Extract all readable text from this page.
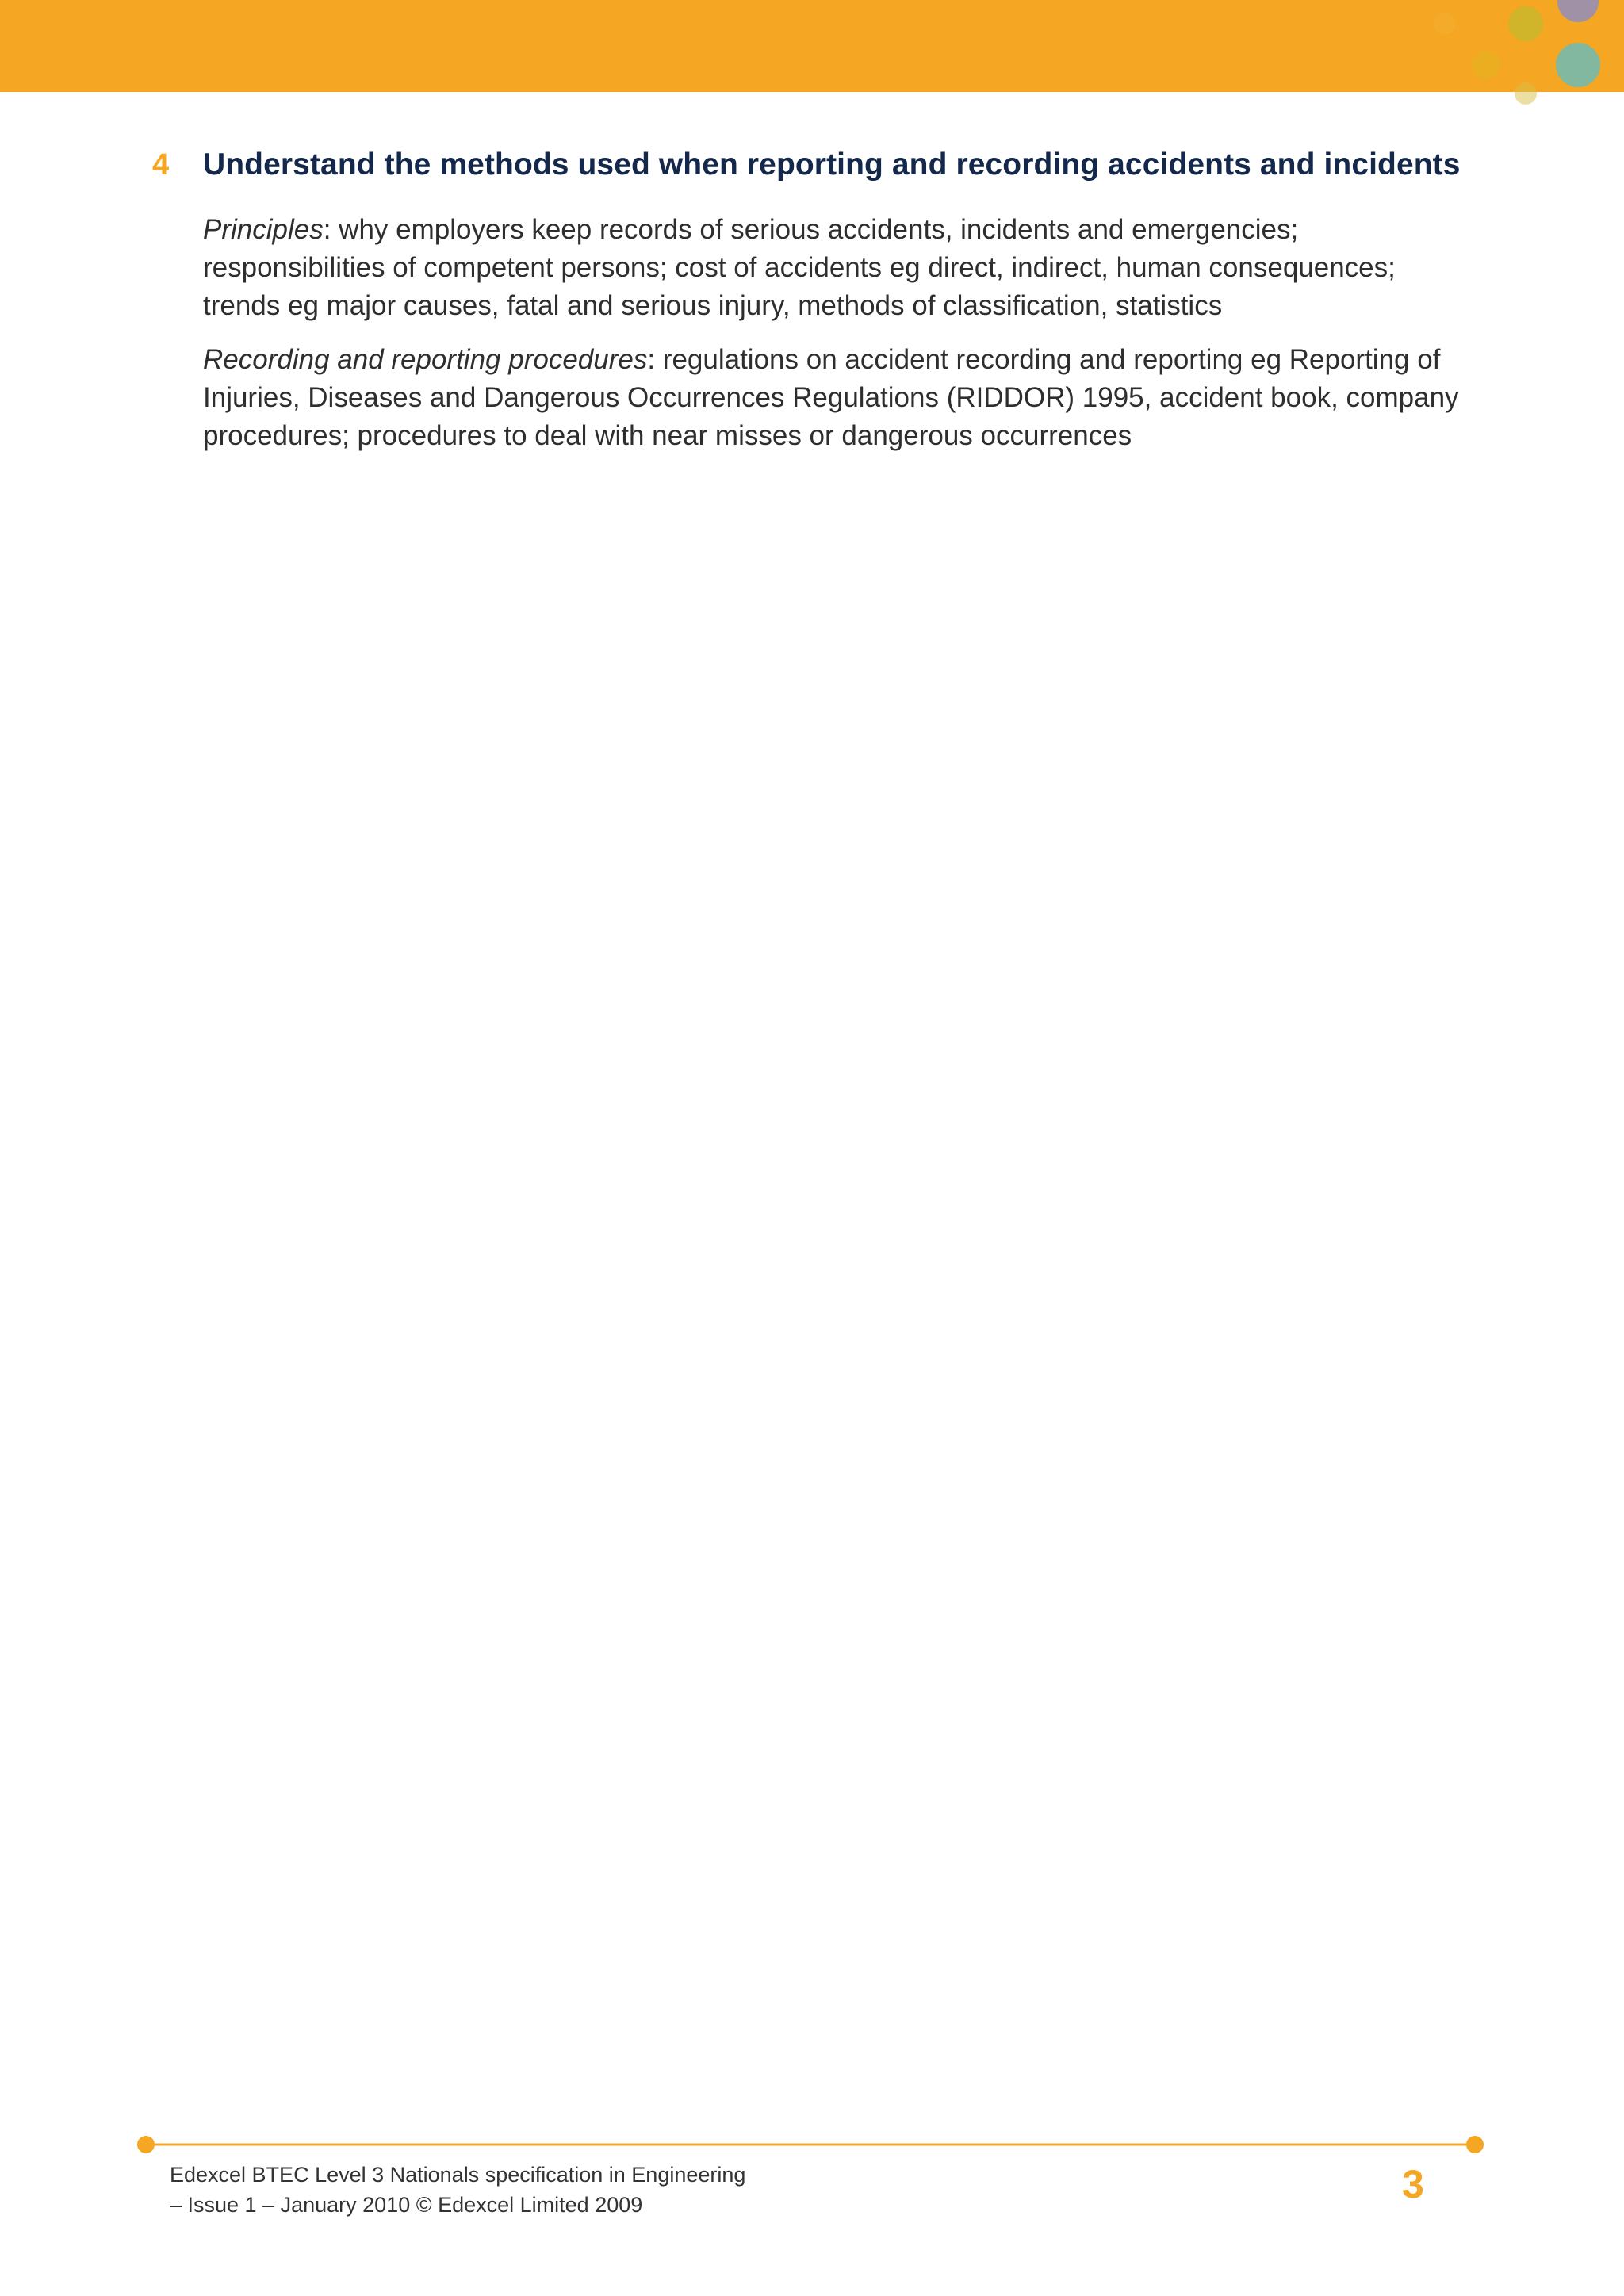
4	Understand the methods used when reporting and recording accidents and incidents

Principles: why employers keep records of serious accidents, incidents and emergencies; responsibilities of competent persons; cost of accidents eg direct, indirect, human consequences; trends eg major causes, fatal and serious injury, methods of classification, statistics

Recording and reporting procedures: regulations on accident recording and reporting eg Reporting of Injuries, Diseases and Dangerous Occurrences Regulations (RIDDOR) 1995, accident book, company procedures; procedures to deal with near misses or dangerous occurrences

Edexcel BTEC Level 3 Nationals specification in Engineering
– Issue 1 – January 2010 © Edexcel Limited 2009	3
